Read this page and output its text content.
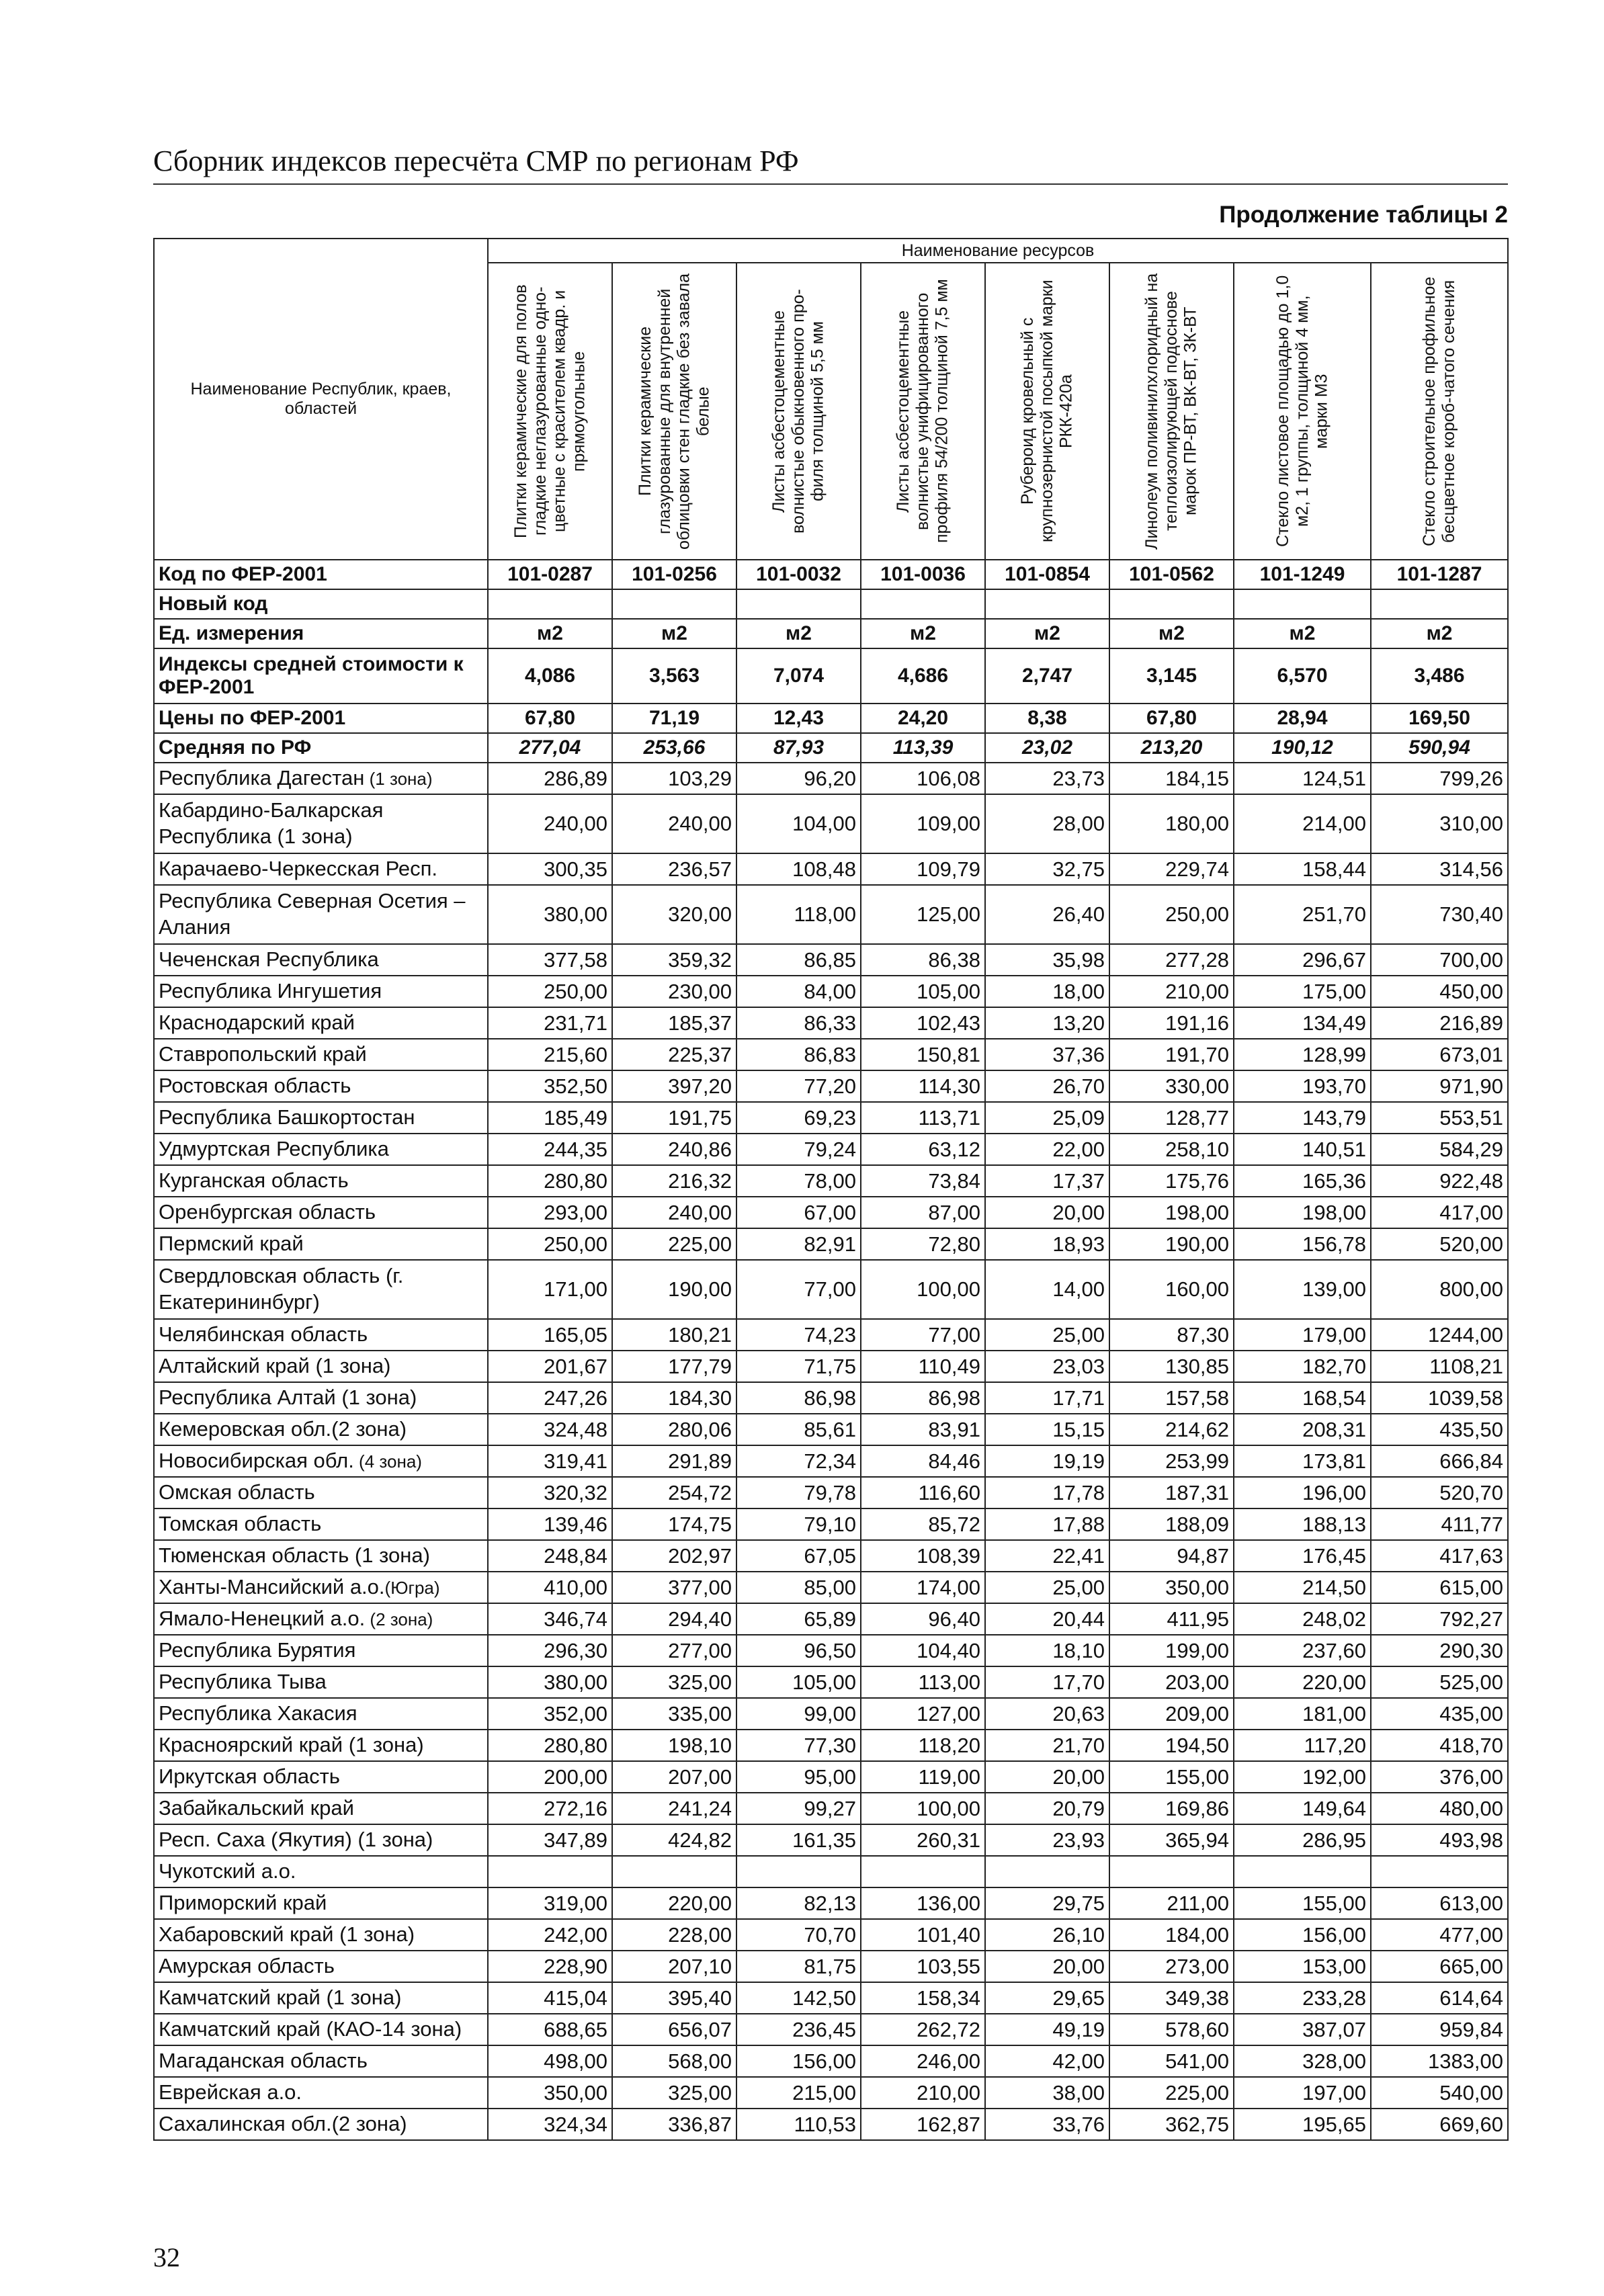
Сборник индексов пересчёта СМР по регионам РФ
Продолжение таблицы 2
Наименование Республик, краев, областей	Наименование ресурсов							

	Плитки керамические для полов гладкие неглазурованные одно-цветные с красителем квадр. и прямоугольные	Плитки керамические глазурованные для внутренней облицовки стен гладкие без завала белые	Листы асбестоцементные волнистые обыкновенного про-филя толщиной 5,5 мм	Листы асбестоцементные волнистые унифицированного профиля 54/200 толщиной 7,5 мм	Рубероид кровельный с крупнозернистой посыпкой марки РКК-420а	Линолеум поливинилхлоридный на теплоизолирующей подоснове марок ПР-ВТ, ВК-ВТ, ЗК-ВТ	Стекло листовое площадью до 1,0 м2, 1 группы, толщиной 4 мм, марки М3	Стекло строительное профильное бесцветное короб-чатого сечения

Код по ФЕР-2001	101-0287	101-0256	101-0032	101-0036	101-0854	101-0562	101-1249	101-1287
Новый код								
Ед. измерения	м2	м2	м2	м2	м2	м2	м2	м2
Индексы средней стоимости к ФЕР-2001	4,086	3,563	7,074	4,686	2,747	3,145	6,570	3,486
Цены по ФЕР-2001	67,80	71,19	12,43	24,20	8,38	67,80	28,94	169,50
Средняя по РФ	277,04	253,66	87,93	113,39	23,02	213,20	190,12	590,94
Республика Дагестан (1 зона)	286,89	103,29	96,20	106,08	23,73	184,15	124,51	799,26
Кабардино-Балкарская Республика (1 зона)	240,00	240,00	104,00	109,00	28,00	180,00	214,00	310,00
Карачаево-Черкесская Респ.	300,35	236,57	108,48	109,79	32,75	229,74	158,44	314,56
Республика Северная Осетия – Алания	380,00	320,00	118,00	125,00	26,40	250,00	251,70	730,40
Чеченская Республика	377,58	359,32	86,85	86,38	35,98	277,28	296,67	700,00
Республика Ингушетия	250,00	230,00	84,00	105,00	18,00	210,00	175,00	450,00
Краснодарский край	231,71	185,37	86,33	102,43	13,20	191,16	134,49	216,89
Ставропольский край	215,60	225,37	86,83	150,81	37,36	191,70	128,99	673,01
Ростовская область	352,50	397,20	77,20	114,30	26,70	330,00	193,70	971,90
Республика Башкортостан	185,49	191,75	69,23	113,71	25,09	128,77	143,79	553,51
Удмуртская Республика	244,35	240,86	79,24	63,12	22,00	258,10	140,51	584,29
Курганская область	280,80	216,32	78,00	73,84	17,37	175,76	165,36	922,48
Оренбургская область	293,00	240,00	67,00	87,00	20,00	198,00	198,00	417,00
Пермский край	250,00	225,00	82,91	72,80	18,93	190,00	156,78	520,00
Свердловская область (г. Екатерининбург)	171,00	190,00	77,00	100,00	14,00	160,00	139,00	800,00
Челябинская область	165,05	180,21	74,23	77,00	25,00	87,30	179,00	1244,00
Алтайский край (1 зона)	201,67	177,79	71,75	110,49	23,03	130,85	182,70	1108,21
Республика Алтай (1 зона)	247,26	184,30	86,98	86,98	17,71	157,58	168,54	1039,58
Кемеровская обл.(2 зона)	324,48	280,06	85,61	83,91	15,15	214,62	208,31	435,50
Новосибирская обл. (4 зона)	319,41	291,89	72,34	84,46	19,19	253,99	173,81	666,84
Омская область	320,32	254,72	79,78	116,60	17,78	187,31	196,00	520,70
Томская область	139,46	174,75	79,10	85,72	17,88	188,09	188,13	411,77
Тюменская область (1 зона)	248,84	202,97	67,05	108,39	22,41	94,87	176,45	417,63
Ханты-Мансийский а.о.(Югра)	410,00	377,00	85,00	174,00	25,00	350,00	214,50	615,00
Ямало-Ненецкий а.о. (2 зона)	346,74	294,40	65,89	96,40	20,44	411,95	248,02	792,27
Республика Бурятия	296,30	277,00	96,50	104,40	18,10	199,00	237,60	290,30
Республика Тыва	380,00	325,00	105,00	113,00	17,70	203,00	220,00	525,00
Республика Хакасия	352,00	335,00	99,00	127,00	20,63	209,00	181,00	435,00
Красноярский край (1 зона)	280,80	198,10	77,30	118,20	21,70	194,50	117,20	418,70
Иркутская область	200,00	207,00	95,00	119,00	20,00	155,00	192,00	376,00
Забайкальский край	272,16	241,24	99,27	100,00	20,79	169,86	149,64	480,00
Респ. Саха (Якутия) (1 зона)	347,89	424,82	161,35	260,31	23,93	365,94	286,95	493,98
Чукотский а.о.								
Приморский край	319,00	220,00	82,13	136,00	29,75	211,00	155,00	613,00
Хабаровский край (1 зона)	242,00	228,00	70,70	101,40	26,10	184,00	156,00	477,00
Амурская область	228,90	207,10	81,75	103,55	20,00	273,00	153,00	665,00
Камчатский край (1 зона)	415,04	395,40	142,50	158,34	29,65	349,38	233,28	614,64
Камчатский край (КАО-14 зона)	688,65	656,07	236,45	262,72	49,19	578,60	387,07	959,84
Магаданская область	498,00	568,00	156,00	246,00	42,00	541,00	328,00	1383,00
Еврейская а.о.	350,00	325,00	215,00	210,00	38,00	225,00	197,00	540,00
Сахалинская обл.(2 зона)	324,34	336,87	110,53	162,87	33,76	362,75	195,65	669,60
32
